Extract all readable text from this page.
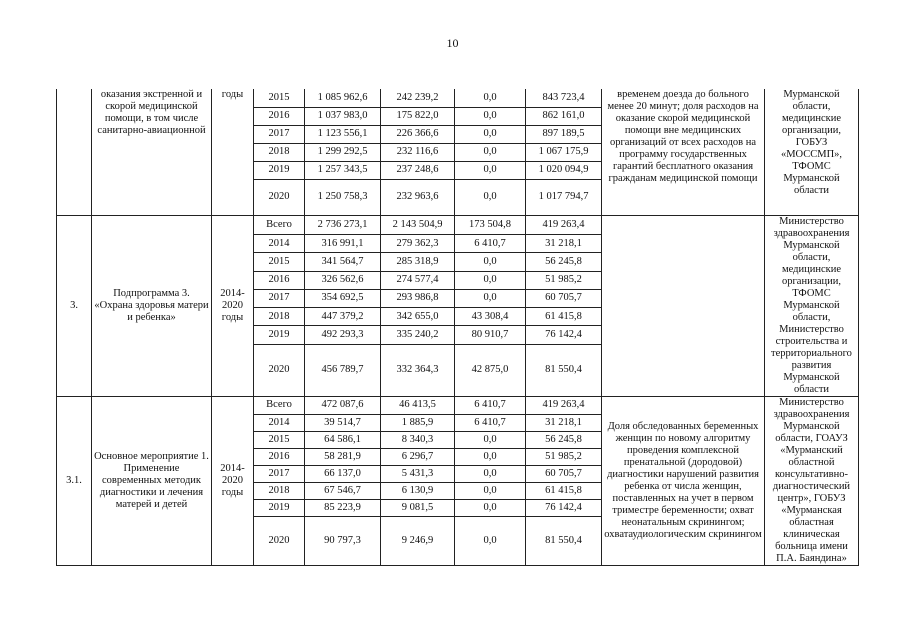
10
	оказания экстренной и скорой медицинской помощи, в том числе санитарно-авиационной	годы	2015	1 085 962,6	242 239,2	0,0	843 723,4	временем доезда до больного менее 20 минут; доля расходов на оказание скорой медицинской помощи вне медицинских организаций от всех расходов на программу государственных гарантий бесплатного оказания гражданам медицинской помощи	Мурманской области, медицинские организации, ГОБУЗ «МОССМП», ТФОМС Мурманской области
			2016	1 037 983,0	175 822,0	0,0	862 161,0		
			2017	1 123 556,1	226 366,6	0,0	897 189,5		
			2018	1 299 292,5	232 116,6	0,0	1 067 175,9		
			2019	1 257 343,5	237 248,6	0,0	1 020 094,9		
			2020	1 250 758,3	232 963,6	0,0	1 017 794,7		
3.	Подпрограмма 3. «Охрана здоровья матери и ребенка»	2014-2020 годы	Всего	2 736 273,1	2 143 504,9	173 504,8	419 263,4		Министерство здравоохранения Мурманской области, медицинские организации, ТФОМС Мурманской области, Министерство строительства и территориального развития Мурманской области
			2014	316 991,1	279 362,3	6 410,7	31 218,1		
			2015	341 564,7	285 318,9	0,0	56 245,8		
			2016	326 562,6	274 577,4	0,0	51 985,2		
			2017	354 692,5	293 986,8	0,0	60 705,7		
			2018	447 379,2	342 655,0	43 308,4	61 415,8		
			2019	492 293,3	335 240,2	80 910,7	76 142,4		
			2020	456 789,7	332 364,3	42 875,0	81 550,4		
3.1.	Основное мероприятие 1. Применение современных методик диагностики и лечения матерей и детей	2014-2020 годы	Всего	472 087,6	46 413,5	6 410,7	419 263,4	Доля обследованных беременных женщин по новому алгоритму проведения комплексной пренатальной (дородовой) диагностики нарушений развития ребенка от числа женщин, поставленных на учет в первом триместре беременности; охват неонатальным скринингом; охватаудиологическим скринингом	Министерство здравоохранения Мурманской области, ГОАУЗ «Мурманский областной консультативно-диагностический центр», ГОБУЗ «Мурманская областная клиническая больница имени П.А. Баяндина»
			2014	39 514,7	1 885,9	6 410,7	31 218,1		
			2015	64 586,1	8 340,3	0,0	56 245,8		
			2016	58 281,9	6 296,7	0,0	51 985,2		
			2017	66 137,0	5 431,3	0,0	60 705,7		
			2018	67 546,7	6 130,9	0,0	61 415,8		
			2019	85 223,9	9 081,5	0,0	76 142,4		
			2020	90 797,3	9 246,9	0,0	81 550,4		
